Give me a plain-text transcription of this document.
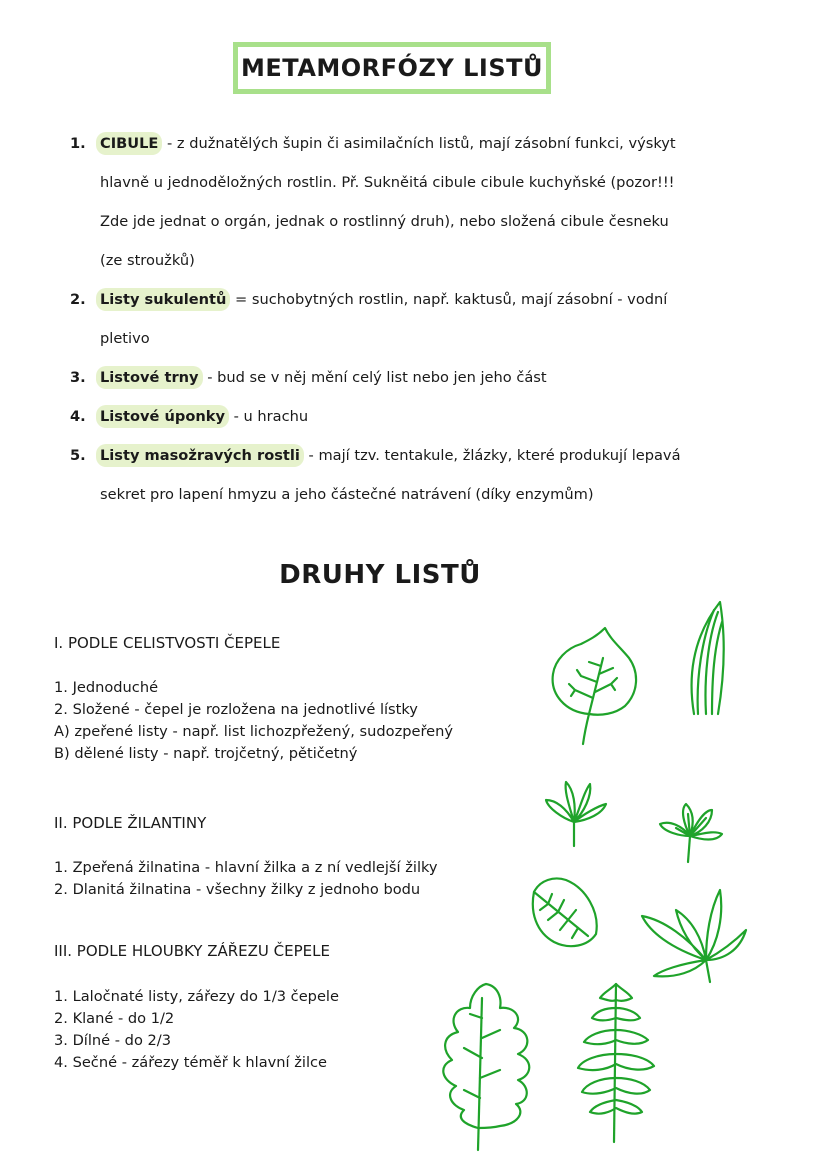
METAMORFÓZY LISTŮ
1. CIBULE - z dužnatělých šupin či asimilačních listů, mají zásobní funkci, výskyt
hlavně u jednoděložných rostlin. Př. Sukněitá cibule cibule kuchyňské (pozor!!!
Zde jde jednat o orgán, jednak o rostlinný druh), nebo složená cibule česneku
(ze stroužků)
2. Listy sukulentů = suchobytných rostlin, např. kaktusů, mají zásobní - vodní
pletivo
3. Listové trny - bud se v něj mění celý list nebo jen jeho část
4. Listové úponky - u hrachu
5. Listy masožravých rostli - mají tzv. tentakule, žlázky, které produkují lepavá
sekret pro lapení hmyzu a jeho částečné natrávení (díky enzymům)
DRUHY LISTŮ
I. PODLE CELISTVOSTI ČEPELE
1. Jednoduché
2. Složené - čepel je rozložena na jednotlivé lístky
A) zpeřené listy - např. list lichozpřežený, sudozpeřený
B) dělené listy - např. trojčetný, pětičetný
II. PODLE ŽILANTINY
1. Zpeřená žilnatina - hlavní žilka a z ní vedlejší žilky
2. Dlanitá žilnatina - všechny žilky z jednoho bodu
III. PODLE HLOUBKY ZÁŘEZU ČEPELE
1. Laločnaté listy, zářezy do 1/3 čepele
2. Klané - do 1/2
3. Dílné - do 2/3
4. Sečné - zářezy téměř k hlavní žilce
